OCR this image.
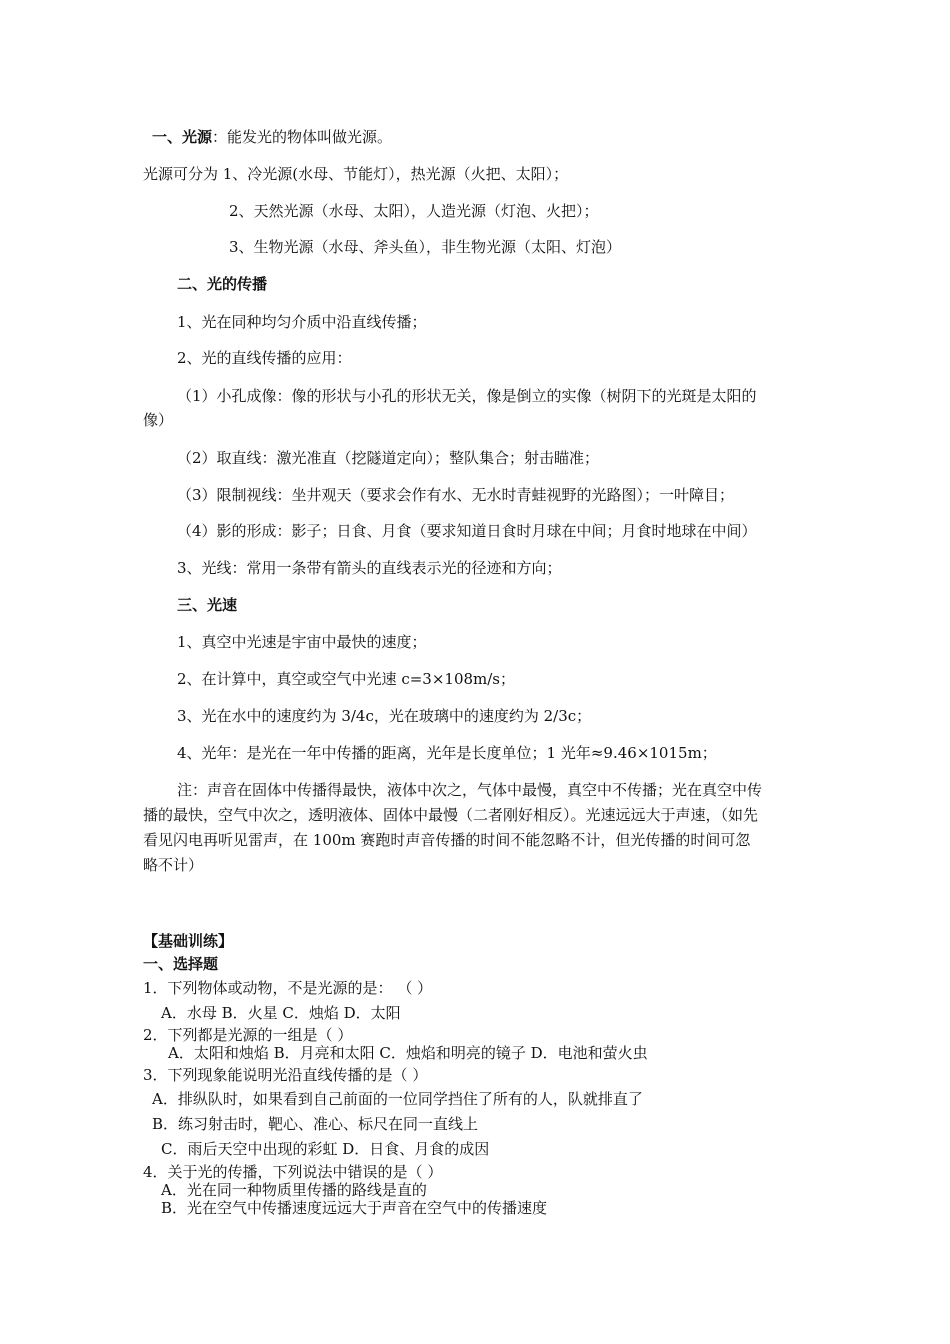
一、光源：能发光的物体叫做光源。
光源可分为 1、冷光源(水母、节能灯），热光源（火把、太阳）；
2、天然光源（水母、太阳），人造光源（灯泡、火把）；
3、生物光源（水母、斧头鱼），非生物光源（太阳、灯泡）
二、光的传播
1、光在同种均匀介质中沿直线传播；
2、光的直线传播的应用：
（1）小孔成像：像的形状与小孔的形状无关，像是倒立的实像（树阴下的光斑是太阳的
像）
（2）取直线：激光准直（挖隧道定向）；整队集合；射击瞄准；
（3）限制视线：坐井观天（要求会作有水、无水时青蛙视野的光路图）；一叶障目；
（4）影的形成：影子；日食、月食（要求知道日食时月球在中间；月食时地球在中间）
3、光线：常用一条带有箭头的直线表示光的径迹和方向；
三、光速
1、真空中光速是宇宙中最快的速度；
2、在计算中，真空或空气中光速 c=3×108m/s；
3、光在水中的速度约为 3/4c，光在玻璃中的速度约为 2/3c；
4、光年：是光在一年中传播的距离，光年是长度单位；1 光年≈9.46×1015m；
注：声音在固体中传播得最快，液体中次之，气体中最慢，真空中不传播；光在真空中传
播的最快，空气中次之，透明液体、固体中最慢（二者刚好相反）。光速远远大于声速，（如先
看见闪电再听见雷声，在 100m 赛跑时声音传播的时间不能忽略不计，但光传播的时间可忽
略不计）
【基础训练】
一、选择题
1．下列物体或动物，不是光源的是： （ ）
A．水母 B．火星 C．烛焰 D．太阳
2．下列都是光源的一组是（ ）
A．太阳和烛焰 B．月亮和太阳 C．烛焰和明亮的镜子 D．电池和萤火虫
3．下列现象能说明光沿直线传播的是（ ）
A．排纵队时，如果看到自己前面的一位同学挡住了所有的人，队就排直了
B．练习射击时，靶心、准心、标尺在同一直线上
C．雨后天空中出现的彩虹 D．日食、月食的成因
4．关于光的传播，下列说法中错误的是（ ）
A．光在同一种物质里传播的路线是直的
B．光在空气中传播速度远远大于声音在空气中的传播速度
